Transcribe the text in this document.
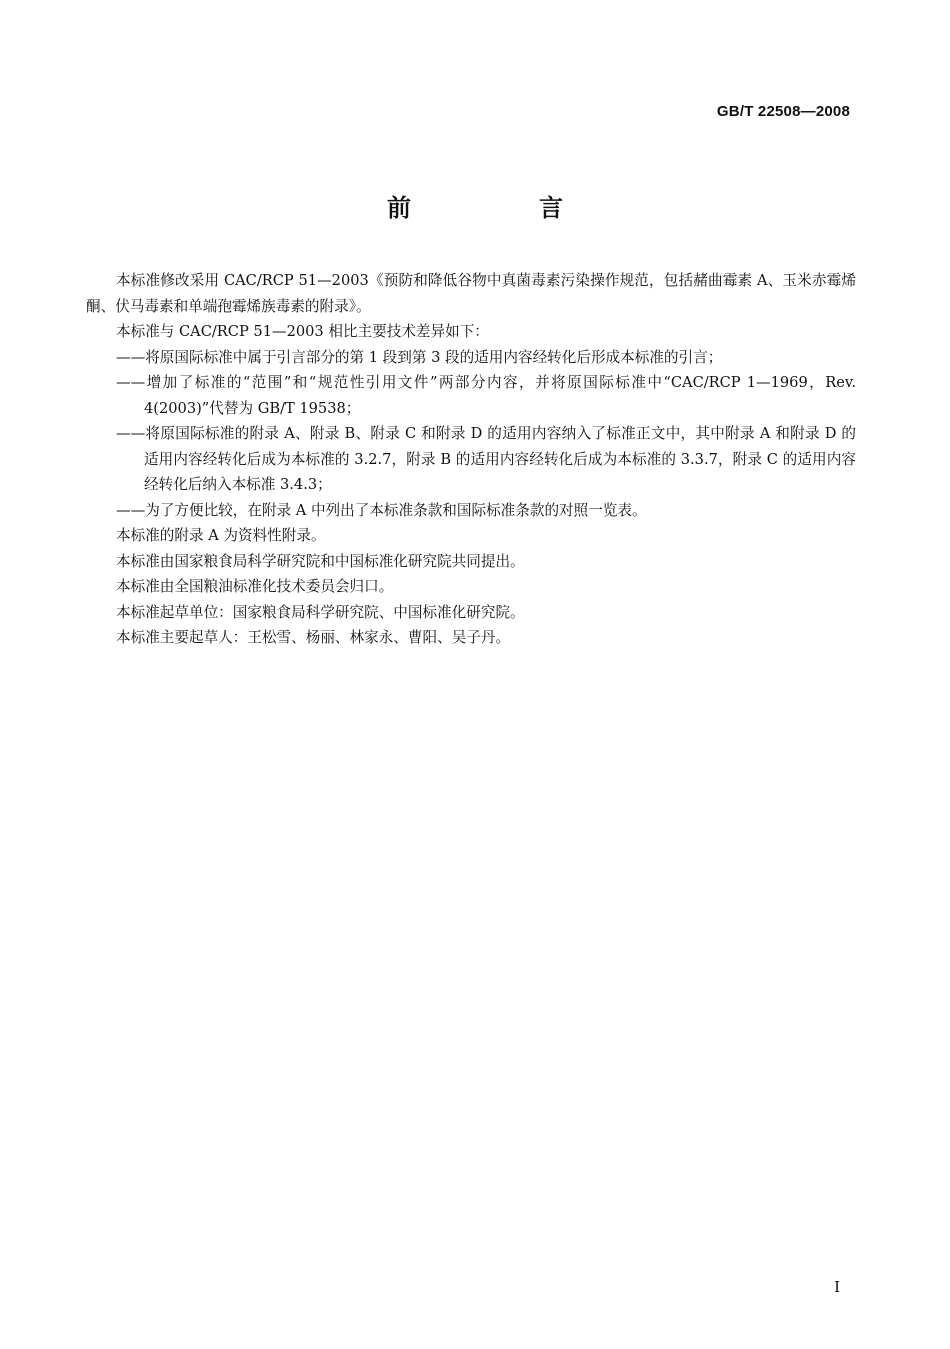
GB/T 22508—2008
前　言

本标准修改采用 CAC/RCP 51—2003《预防和降低谷物中真菌毒素污染操作规范，包括赭曲霉素 A、玉米赤霉烯酮、伏马毒素和单端孢霉烯族毒素的附录》。

本标准与 CAC/RCP 51—2003 相比主要技术差异如下：

——将原国际标准中属于引言部分的第 1 段到第 3 段的适用内容经转化后形成本标准的引言；

——增加了标准的“范围”和“规范性引用文件”两部分内容，并将原国际标准中“CAC/RCP 1—1969，Rev. 4(2003)”代替为 GB/T 19538；

——将原国际标准的附录 A、附录 B、附录 C 和附录 D 的适用内容纳入了标准正文中，其中附录 A 和附录 D 的适用内容经转化后成为本标准的 3.2.7，附录 B 的适用内容经转化后成为本标准的 3.3.7，附录 C 的适用内容经转化后纳入本标准 3.4.3；

——为了方便比较，在附录 A 中列出了本标准条款和国际标准条款的对照一览表。

本标准的附录 A 为资料性附录。

本标准由国家粮食局科学研究院和中国标准化研究院共同提出。

本标准由全国粮油标准化技术委员会归口。

本标准起草单位：国家粮食局科学研究院、中国标准化研究院。

本标准主要起草人：王松雪、杨丽、林家永、曹阳、吴子丹。

I
